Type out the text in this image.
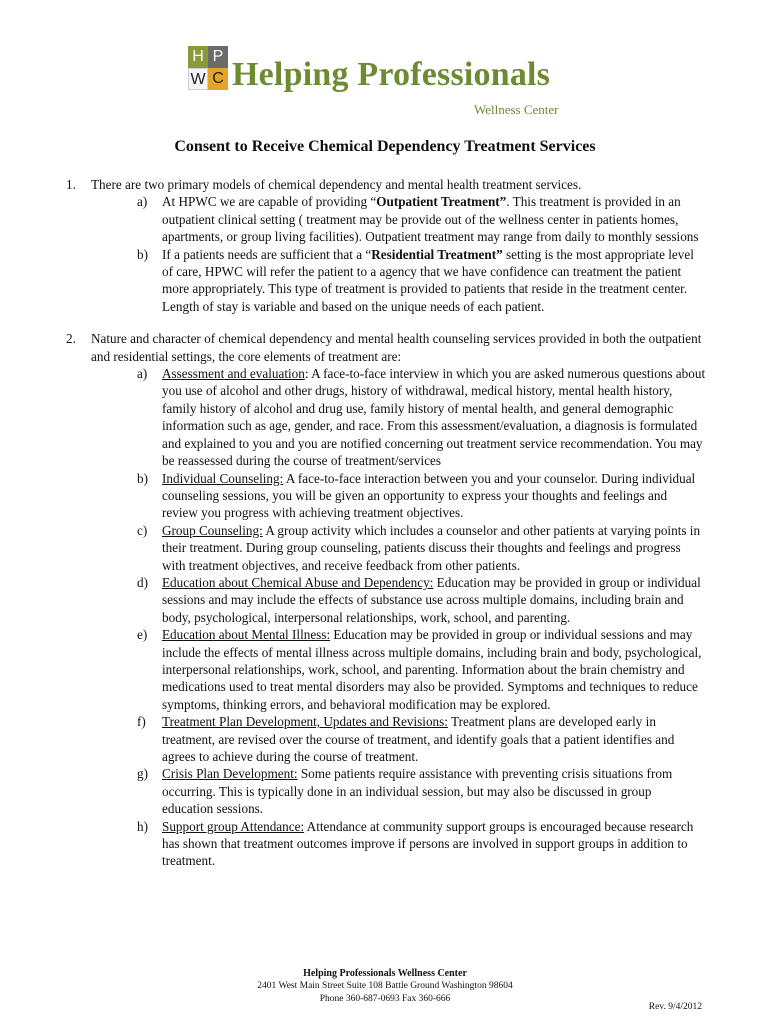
H P
W C Helping Professionals
Wellness Center
Consent to Receive Chemical Dependency Treatment Services
1. There are two primary models of chemical dependency and mental health treatment services.
a) At HPWC we are capable of providing “Outpatient Treatment”. This treatment is provided in an outpatient clinical setting ( treatment may be provide out of the wellness center in patients homes, apartments, or group living facilities). Outpatient treatment may range from daily to monthly sessions
b) If a patients needs are sufficient that a “Residential Treatment” setting is the most appropriate level of care, HPWC will refer the patient to a agency that we have confidence can treatment the patient more appropriately. This type of treatment is provided to patients that reside in the treatment center. Length of stay is variable and based on the unique needs of each patient.
2. Nature and character of chemical dependency and mental health counseling services provided in both the outpatient and residential settings, the core elements of treatment are:
a) Assessment and evaluation: A face-to-face interview in which you are asked numerous questions about you use of alcohol and other drugs, history of withdrawal, medical history, mental health history, family history of alcohol and drug use, family history of mental health, and general demographic information such as age, gender, and race. From this assessment/evaluation, a diagnosis is formulated and explained to you and you are notified concerning out treatment service recommendation. You may be reassessed during the course of treatment/services
b) Individual Counseling: A face-to-face interaction between you and your counselor. During individual counseling sessions, you will be given an opportunity to express your thoughts and feelings and review you progress with achieving treatment objectives.
c) Group Counseling: A group activity which includes a counselor and other patients at varying points in their treatment. During group counseling, patients discuss their thoughts and feelings and progress with treatment objectives, and receive feedback from other patients.
d) Education about Chemical Abuse and Dependency: Education may be provided in group or individual sessions and may include the effects of substance use across multiple domains, including brain and body, psychological, interpersonal relationships, work, school, and parenting.
e) Education about Mental Illness: Education may be provided in group or individual sessions and may include the effects of mental illness across multiple domains, including brain and body, psychological, interpersonal relationships, work, school, and parenting. Information about the brain chemistry and medications used to treat mental disorders may also be provided. Symptoms and techniques to reduce symptoms, thinking errors, and behavioral modification may be explored.
f) Treatment Plan Development, Updates and Revisions: Treatment plans are developed early in treatment, are revised over the course of treatment, and identify goals that a patient identifies and agrees to achieve during the course of treatment.
g) Crisis Plan Development: Some patients require assistance with preventing crisis situations from occurring. This is typically done in an individual session, but may also be discussed in group education sessions.
h) Support group Attendance: Attendance at community support groups is encouraged because research has shown that treatment outcomes improve if persons are involved in support groups in addition to treatment.
Helping Professionals Wellness Center
2401 West Main Street Suite 108 Battle Ground Washington 98604
Phone 360-687-0693 Fax 360-666
Rev. 9/4/2012
